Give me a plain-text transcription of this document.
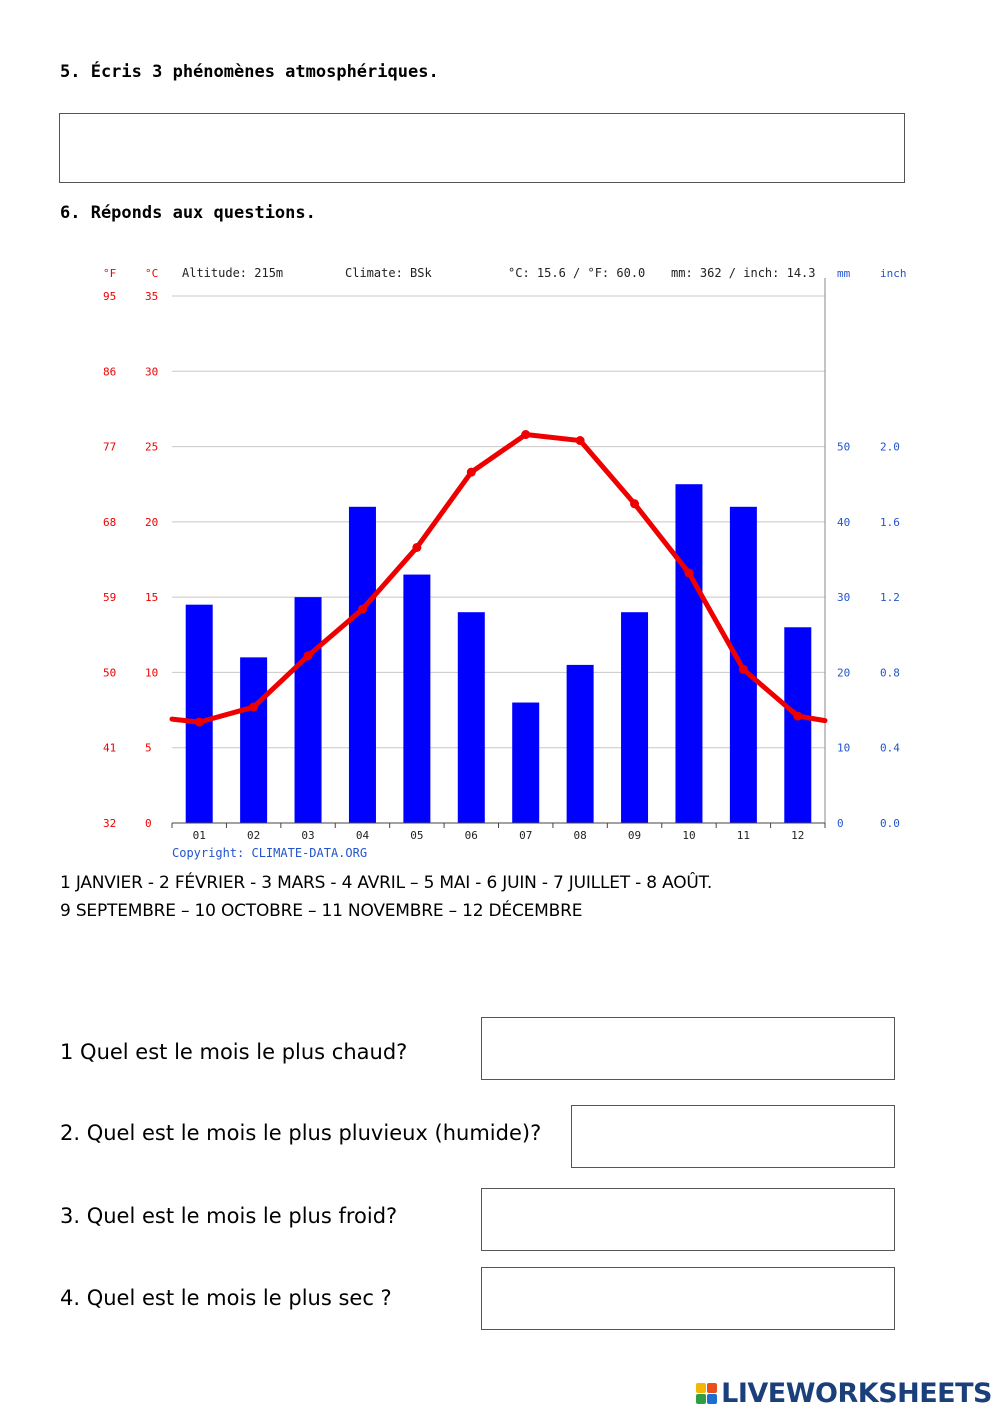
5. Écris 3 phénomènes atmosphériques.
6. Réponds aux questions.
°F	°C Altitude: 215m	Climate: BSk	°C: 15.6 / °F: 60.0 mm: 362 / inch: 14.3 mm	inch
0
32
5
41
10
50
15
59
20
68
25
77
30
86
35
95
0	0.0
10	0.4
20	0.8
30	1.2
40	1.6
50	2.0
01	02	03	04	05	06	07	08	09	10	11	12
Copyright: CLIMATE-DATA.ORG
1 JANVIER - 2 FÉVRIER - 3 MARS - 4 AVRIL – 5 MAI - 6 JUIN - 7 JUILLET - 8 AOÛT.
9 SEPTEMBRE – 10 OCTOBRE – 11 NOVEMBRE – 12 DÉCEMBRE
1 Quel est le mois le plus chaud?
2. Quel est le mois le plus pluvieux (humide)?
3. Quel est le mois le plus froid?
4. Quel est le mois le plus sec ?
LIVEWORKSHEETS
